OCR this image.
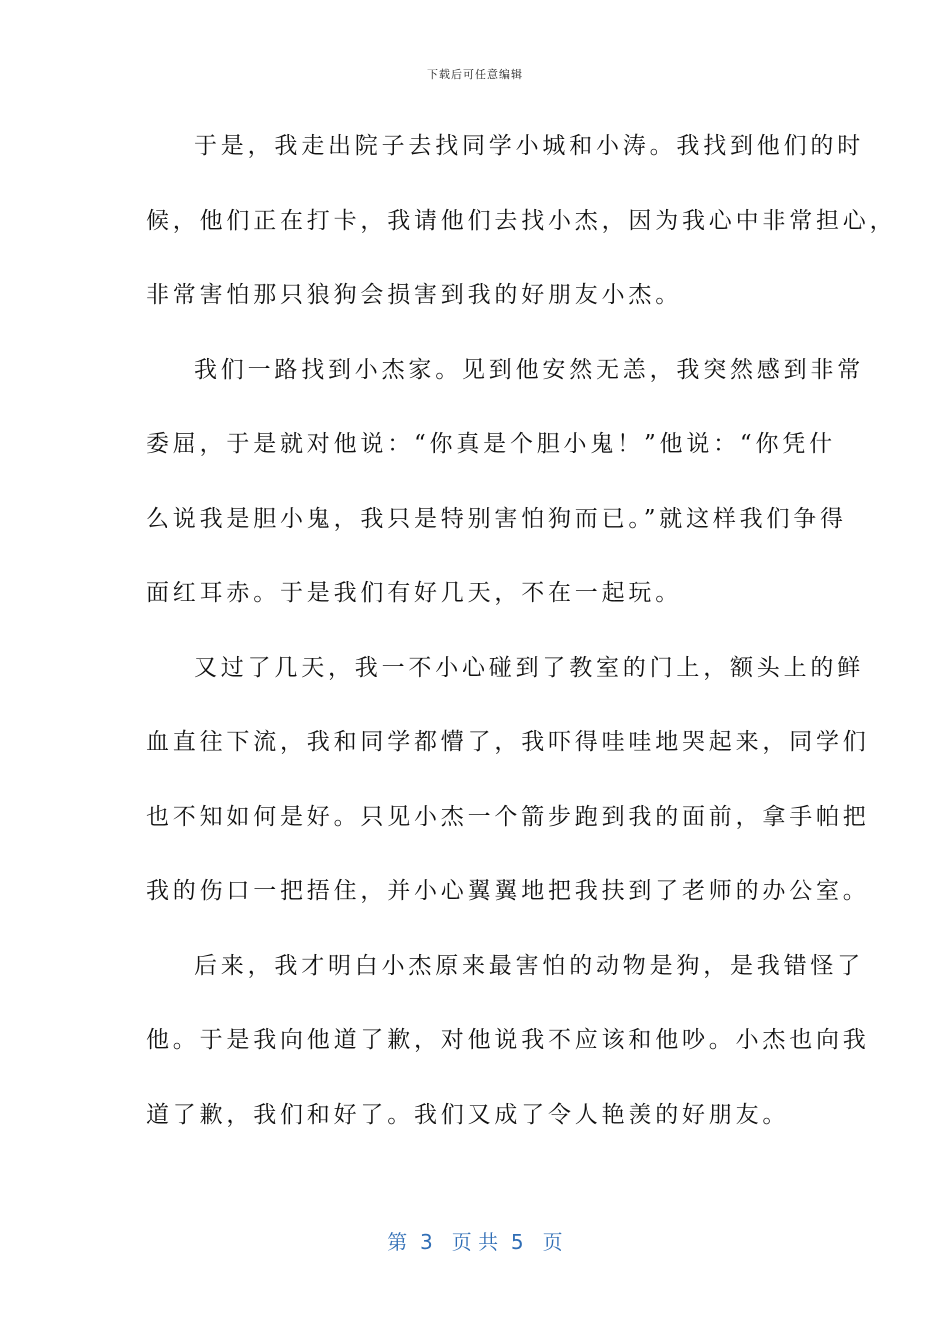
下载后可任意编辑
于是，我走出院子去找同学小城和小涛。我找到他们的时
候，他们正在打卡，我请他们去找小杰，因为我心中非常担心，
非常害怕那只狼狗会损害到我的好朋友小杰。
我们一路找到小杰家。见到他安然无恙，我突然感到非常
委屈，于是就对他说：“你真是个胆小鬼！”他说：“你凭什
么说我是胆小鬼，我只是特别害怕狗而已。”就这样我们争得
面红耳赤。于是我们有好几天，不在一起玩。
又过了几天，我一不小心碰到了教室的门上，额头上的鲜
血直往下流，我和同学都懵了，我吓得哇哇地哭起来，同学们
也不知如何是好。只见小杰一个箭步跑到我的面前，拿手帕把
我的伤口一把捂住，并小心翼翼地把我扶到了老师的办公室。
后来，我才明白小杰原来最害怕的动物是狗，是我错怪了
他。于是我向他道了歉，对他说我不应该和他吵。小杰也向我
道了歉，我们和好了。我们又成了令人艳羡的好朋友。
第  3   页 共  5   页
